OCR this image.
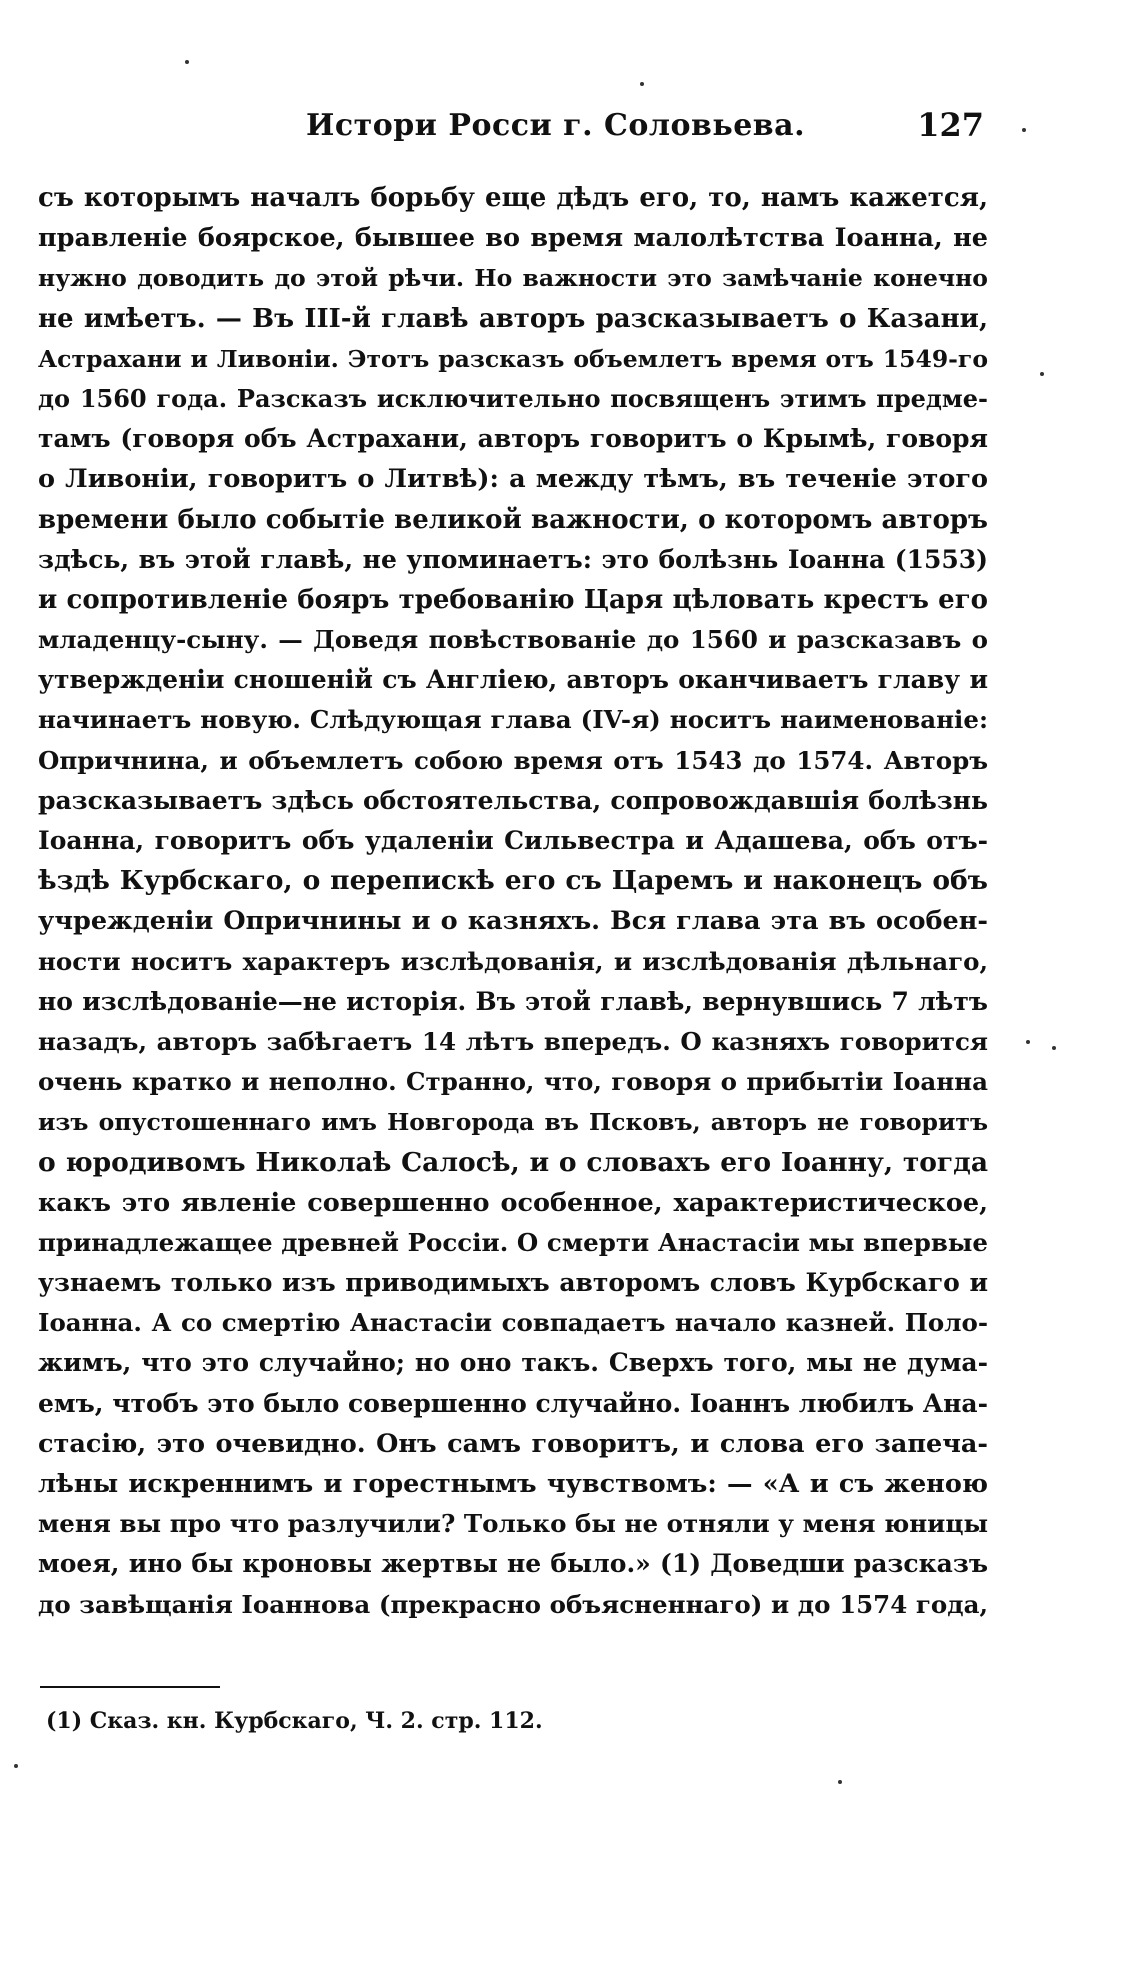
Истори Росси г. Соловьева.	127
съ которымъ началъ борьбу еще дѣдъ его, то, намъ кажется,
правленіе боярское, бывшее во время малолѣтства Іоанна, не
нужно доводить до этой рѣчи. Но важности это замѣчаніе конечно
не имѣетъ. — Въ III-й главѣ авторъ разсказываетъ о Казани,
Астрахани и Ливоніи. Этотъ разсказъ объемлетъ время отъ 1549-го
до 1560 года. Разсказъ исключительно посвященъ этимъ предме-
тамъ (говоря объ Астрахани, авторъ говоритъ о Крымѣ, говоря
о Ливоніи, говоритъ о Литвѣ): а между тѣмъ, въ теченіе этого
времени было событіе великой важности, о которомъ авторъ
здѣсь, въ этой главѣ, не упоминаетъ: это болѣзнь Іоанна (1553)
и сопротивленіе бояръ требованію Царя цѣловать крестъ его
младенцу-сыну. — Доведя повѣствованіе до 1560 и разсказавъ о
утвержденіи сношеній съ Англіею, авторъ оканчиваетъ главу и
начинаетъ новую. Слѣдующая глава (IV-я) носитъ наименованіе:
Опричнина, и объемлетъ собою время отъ 1543 до 1574. Авторъ
разсказываетъ здѣсь обстоятельства, сопровождавшія болѣзнь
Іоанна, говоритъ объ удаленіи Сильвестра и Адашева, объ отъ-
ѣздѣ Курбскаго, о перепискѣ его съ Царемъ и наконецъ объ
учрежденіи Опричнины и о казняхъ. Вся глава эта въ особен-
ности носитъ характеръ изслѣдованія, и изслѣдованія дѣльнаго,
но изслѣдованіе—не исторія. Въ этой главѣ, вернувшись 7 лѣтъ
назадъ, авторъ забѣгаетъ 14 лѣтъ впередъ. О казняхъ говорится
очень кратко и неполно. Странно, что, говоря о прибытіи Іоанна
изъ опустошеннаго имъ Новгорода въ Псковъ, авторъ не говоритъ
о юродивомъ Николаѣ Салосѣ, и о словахъ его Іоанну, тогда
какъ это явленіе совершенно особенное, характеристическое,
принадлежащее древней Россіи. О смерти Анастасіи мы впервые
узнаемъ только изъ приводимыхъ авторомъ словъ Курбскаго и
Іоанна. А со смертію Анастасіи совпадаетъ начало казней. Поло-
жимъ, что это случайно; но оно такъ. Сверхъ того, мы не дума-
емъ, чтобъ это было совершенно случайно. Іоаннъ любилъ Ана-
стасію, это очевидно. Онъ самъ говоритъ, и слова его запеча-
лѣны искреннимъ и горестнымъ чувствомъ: — «А и съ женою
меня вы про что разлучили? Только бы не отняли у меня юницы
моея, ино бы кроновы жертвы не было.» (1) Доведши разсказъ
до завѣщанія Іоаннова (прекрасно объясненнаго) и до 1574 года,
(1) Сказ. кн. Курбскаго, Ч. 2. стр. 112.
